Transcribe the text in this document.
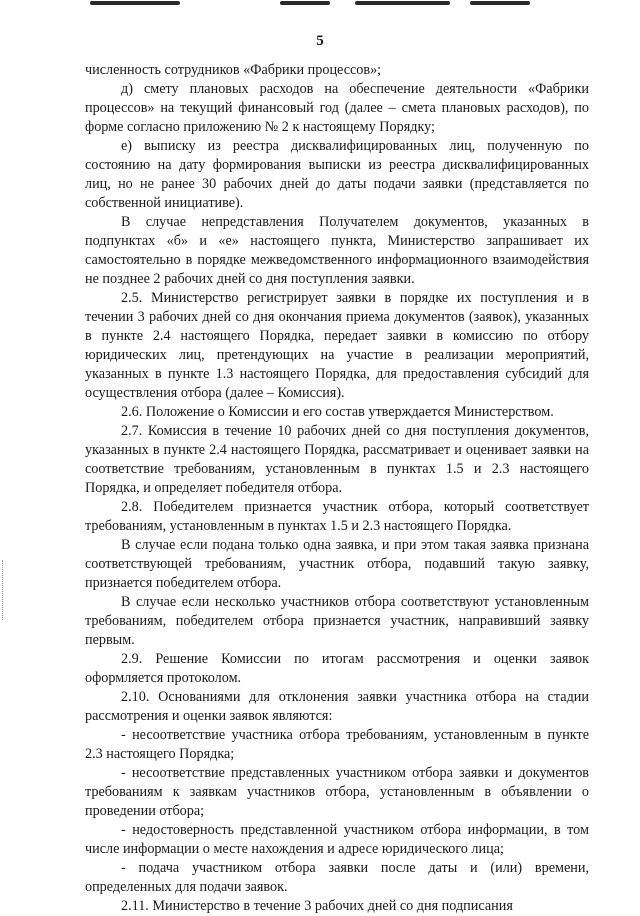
5

численность сотрудников «Фабрики процессов»;

д) смету плановых расходов на обеспечение деятельности «Фабрики процессов» на текущий финансовый год (далее – смета плановых расходов), по форме согласно приложению № 2 к настоящему Порядку;

е) выписку из реестра дисквалифицированных лиц, полученную по состоянию на дату формирования выписки из реестра дисквалифицированных лиц, но не ранее 30 рабочих дней до даты подачи заявки (представляется по собственной инициативе).

В случае непредставления Получателем документов, указанных в подпунктах «б» и «е» настоящего пункта, Министерство запрашивает их самостоятельно в порядке межведомственного информационного взаимодействия не позднее 2 рабочих дней со дня поступления заявки.

2.5. Министерство регистрирует заявки в порядке их поступления и в течении 3 рабочих дней со дня окончания приема документов (заявок), указанных в пункте 2.4 настоящего Порядка, передает заявки в комиссию по отбору юридических лиц, претендующих на участие в реализации мероприятий, указанных в пункте 1.3 настоящего Порядка, для предоставления субсидий для осуществления отбора (далее – Комиссия).

2.6. Положение о Комиссии и его состав утверждается Министерством.

2.7. Комиссия в течение 10 рабочих дней со дня поступления документов, указанных в пункте 2.4 настоящего Порядка, рассматривает и оценивает заявки на соответствие требованиям, установленным в пунктах 1.5 и 2.3 настоящего Порядка, и определяет победителя отбора.

2.8. Победителем признается участник отбора, который соответствует требованиям, установленным в пунктах 1.5 и 2.3 настоящего Порядка.

В случае если подана только одна заявка, и при этом такая заявка признана соответствующей требованиям, участник отбора, подавший такую заявку, признается победителем отбора.

В случае если несколько участников отбора соответствуют установленным требованиям, победителем отбора признается участник, направивший заявку первым.

2.9. Решение Комиссии по итогам рассмотрения и оценки заявок оформляется протоколом.

2.10. Основаниями для отклонения заявки участника отбора на стадии рассмотрения и оценки заявок являются:

- несоответствие участника отбора требованиям, установленным в пункте 2.3 настоящего Порядка;

- несоответствие представленных участником отбора заявки и документов требованиям к заявкам участников отбора, установленным в объявлении о проведении отбора;

- недостоверность представленной участником отбора информации, в том числе информации о месте нахождения и адресе юридического лица;

- подача участником отбора заявки после даты и (или) времени, определенных для подачи заявок.

2.11. Министерство в течение 3 рабочих дней со дня подписания
